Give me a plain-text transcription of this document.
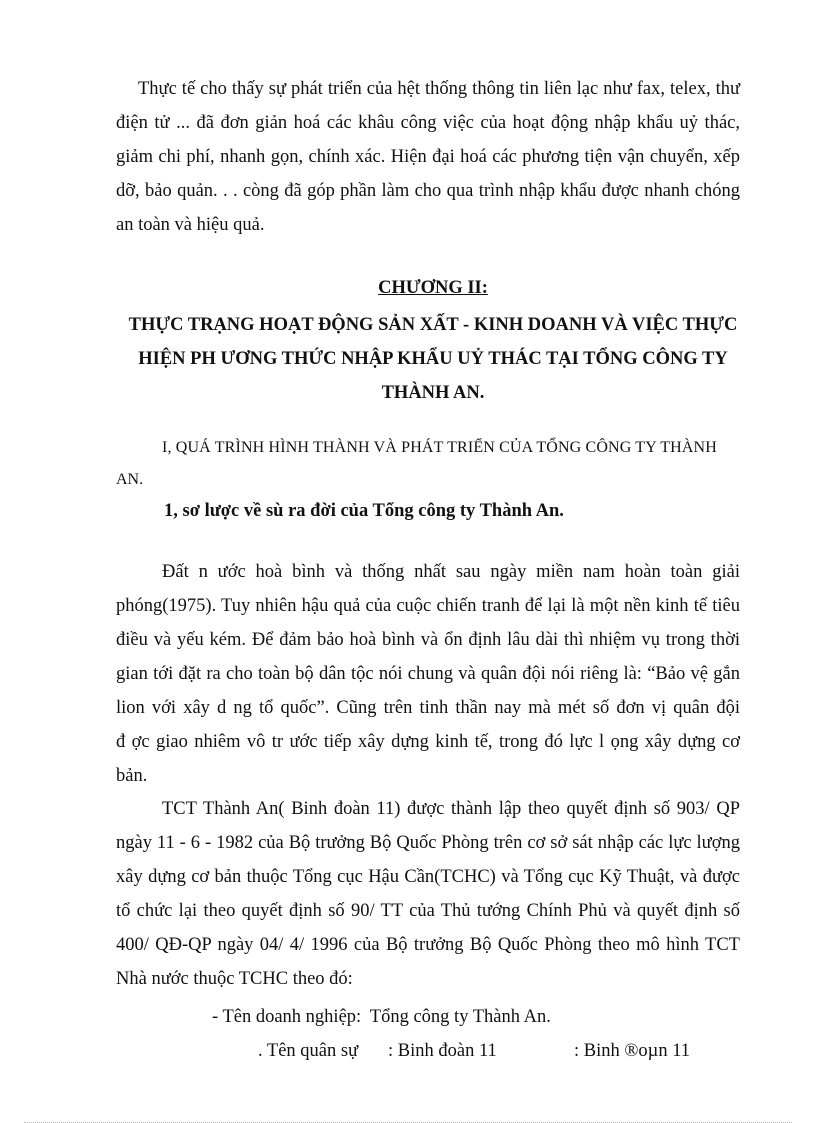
Thực tế cho thấy sự phát triển của hệt thống thông tin liên lạc như fax, telex, thư
điện tử ... đã đơn giản hoá các khâu công việc của hoạt động nhập khẩu uỷ thác,
giảm chi phí, nhanh gọn, chính xác. Hiện đại hoá các phương tiện vận chuyển, xếp
dỡ, bảo quản. . . còng đã góp phần làm cho qua trình nhập khẩu được nhanh chóng
an toàn và hiệu quả.

CHƯƠNG II:

THỰC TRẠNG HOẠT ĐỘNG SẢN XẤT - KINH DOANH VÀ VIỆC THỰC
HIỆN PH ƯƠNG THỨC NHẬP KHẨU UỶ THÁC TẠI TỔNG CÔNG TY
THÀNH AN.
I, QUÁ TRÌNH HÌNH THÀNH VÀ PHÁT TRIỂN CỦA TỔNG CÔNG TY THÀNH
AN.

1, sơ lược về sù ra đời của Tổng công ty Thành An.

Đất n ước hoà bình và thống nhất sau ngày miền nam hoàn toàn giải
phóng(1975). Tuy nhiên hậu quả của cuộc chiến tranh để lại là một nền kinh tế tiêu
điều và yếu kém. Để đảm bảo hoà bình và ổn định lâu dài thì nhiệm vụ trong thời
gian tới đặt ra cho toàn bộ dân tộc nói chung và quân đội nói riêng là: “Bảo vệ gắn
lion với xây d ng tổ quốc”. Cũng trên tinh thần nay mà mét số đơn vị quân đội
đ ợc giao nhiêm vô tr ước tiếp xây dựng kinh tế, trong đó lực l ọng xây dựng cơ
bản.
TCT Thành An( Binh đoàn 11) được thành lập theo quyết định số 903/ QP
ngày 11 - 6 - 1982 của Bộ trưởng Bộ Quốc Phòng trên cơ sở sát nhập các lực lượng
xây dựng cơ bản thuộc Tổng cục Hậu Cần(TCHC) và Tổng cục Kỹ Thuật, và được
tổ chức lại theo quyết định số 90/ TT của Thủ tướng Chính Phủ và quyết định số
400/ QĐ-QP ngày 04/ 4/ 1996 của Bộ trưởng Bộ Quốc Phòng theo mô hình TCT
Nhà nước thuộc TCHC theo đó:
- Tên doanh nghiệp: Tổng công ty Thành An.
. Tên quân sự : Binh đoàn 11	: Binh ®oµn 11
